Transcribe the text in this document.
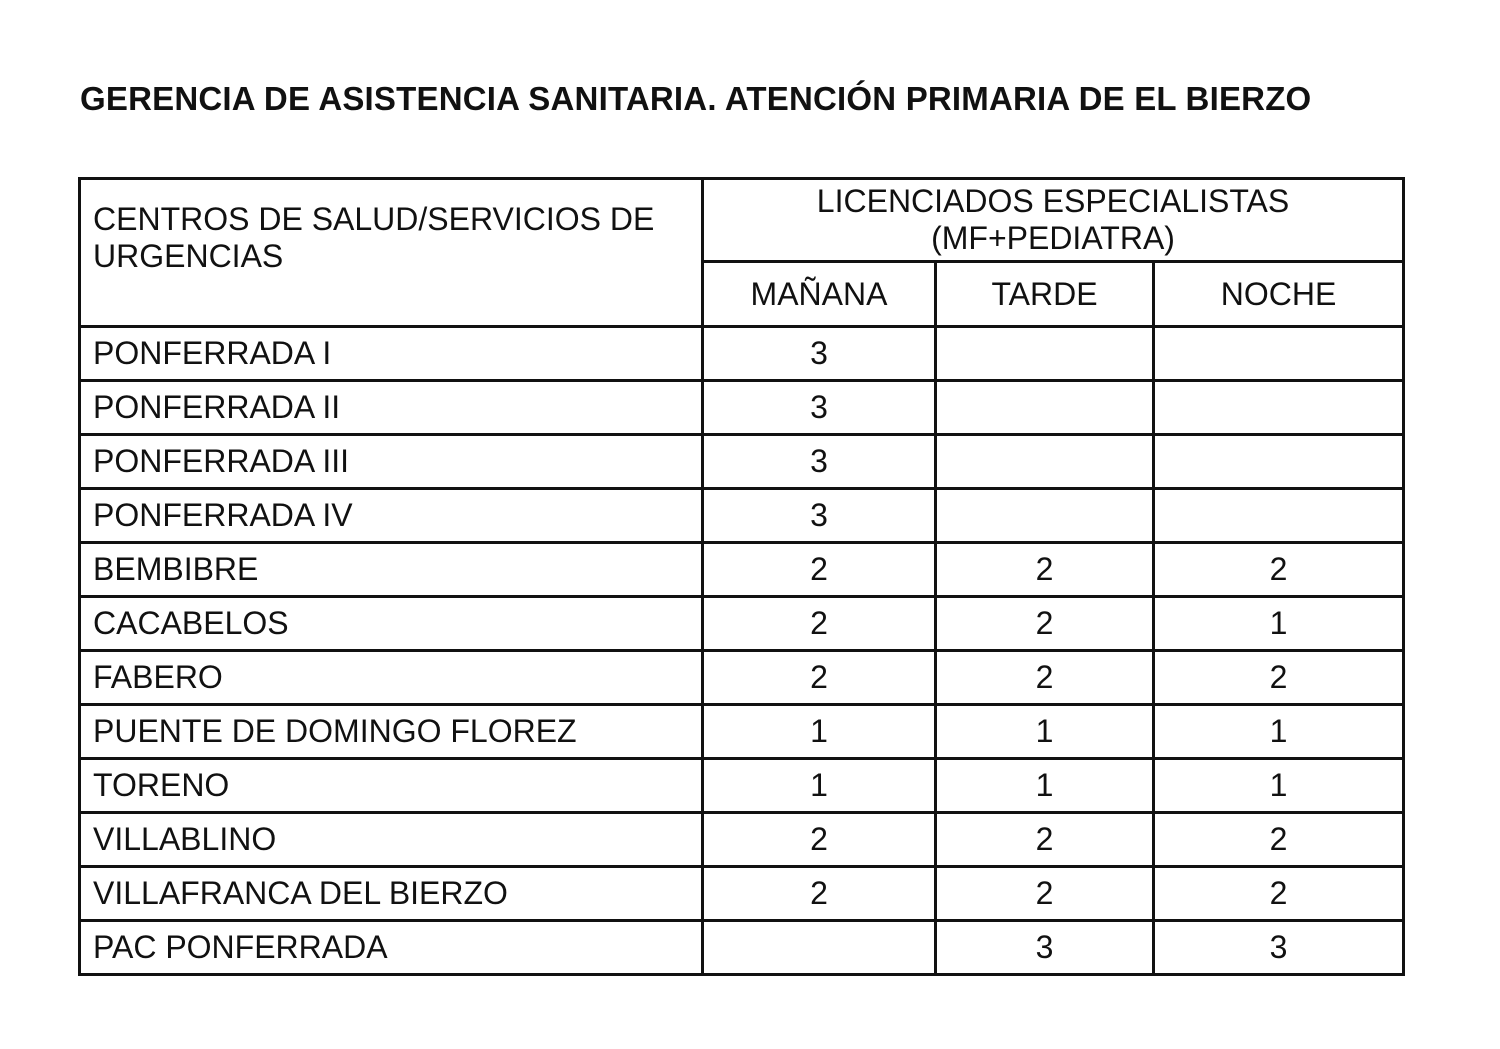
GERENCIA DE ASISTENCIA SANITARIA. ATENCIÓN PRIMARIA DE EL BIERZO
CENTROS DE SALUD/SERVICIOS DE
URGENCIAS	LICENCIADOS ESPECIALISTAS
(MF+PEDIATRA)		

	MAÑANA	TARDE	NOCHE
PONFERRADA I	3		
PONFERRADA II	3		
PONFERRADA III	3		
PONFERRADA IV	3		
BEMBIBRE	2	2	2
CACABELOS	2	2	1
FABERO	2	2	2
PUENTE DE DOMINGO FLOREZ	1	1	1
TORENO	1	1	1
VILLABLINO	2	2	2
VILLAFRANCA DEL BIERZO	2	2	2
PAC PONFERRADA		3	3
